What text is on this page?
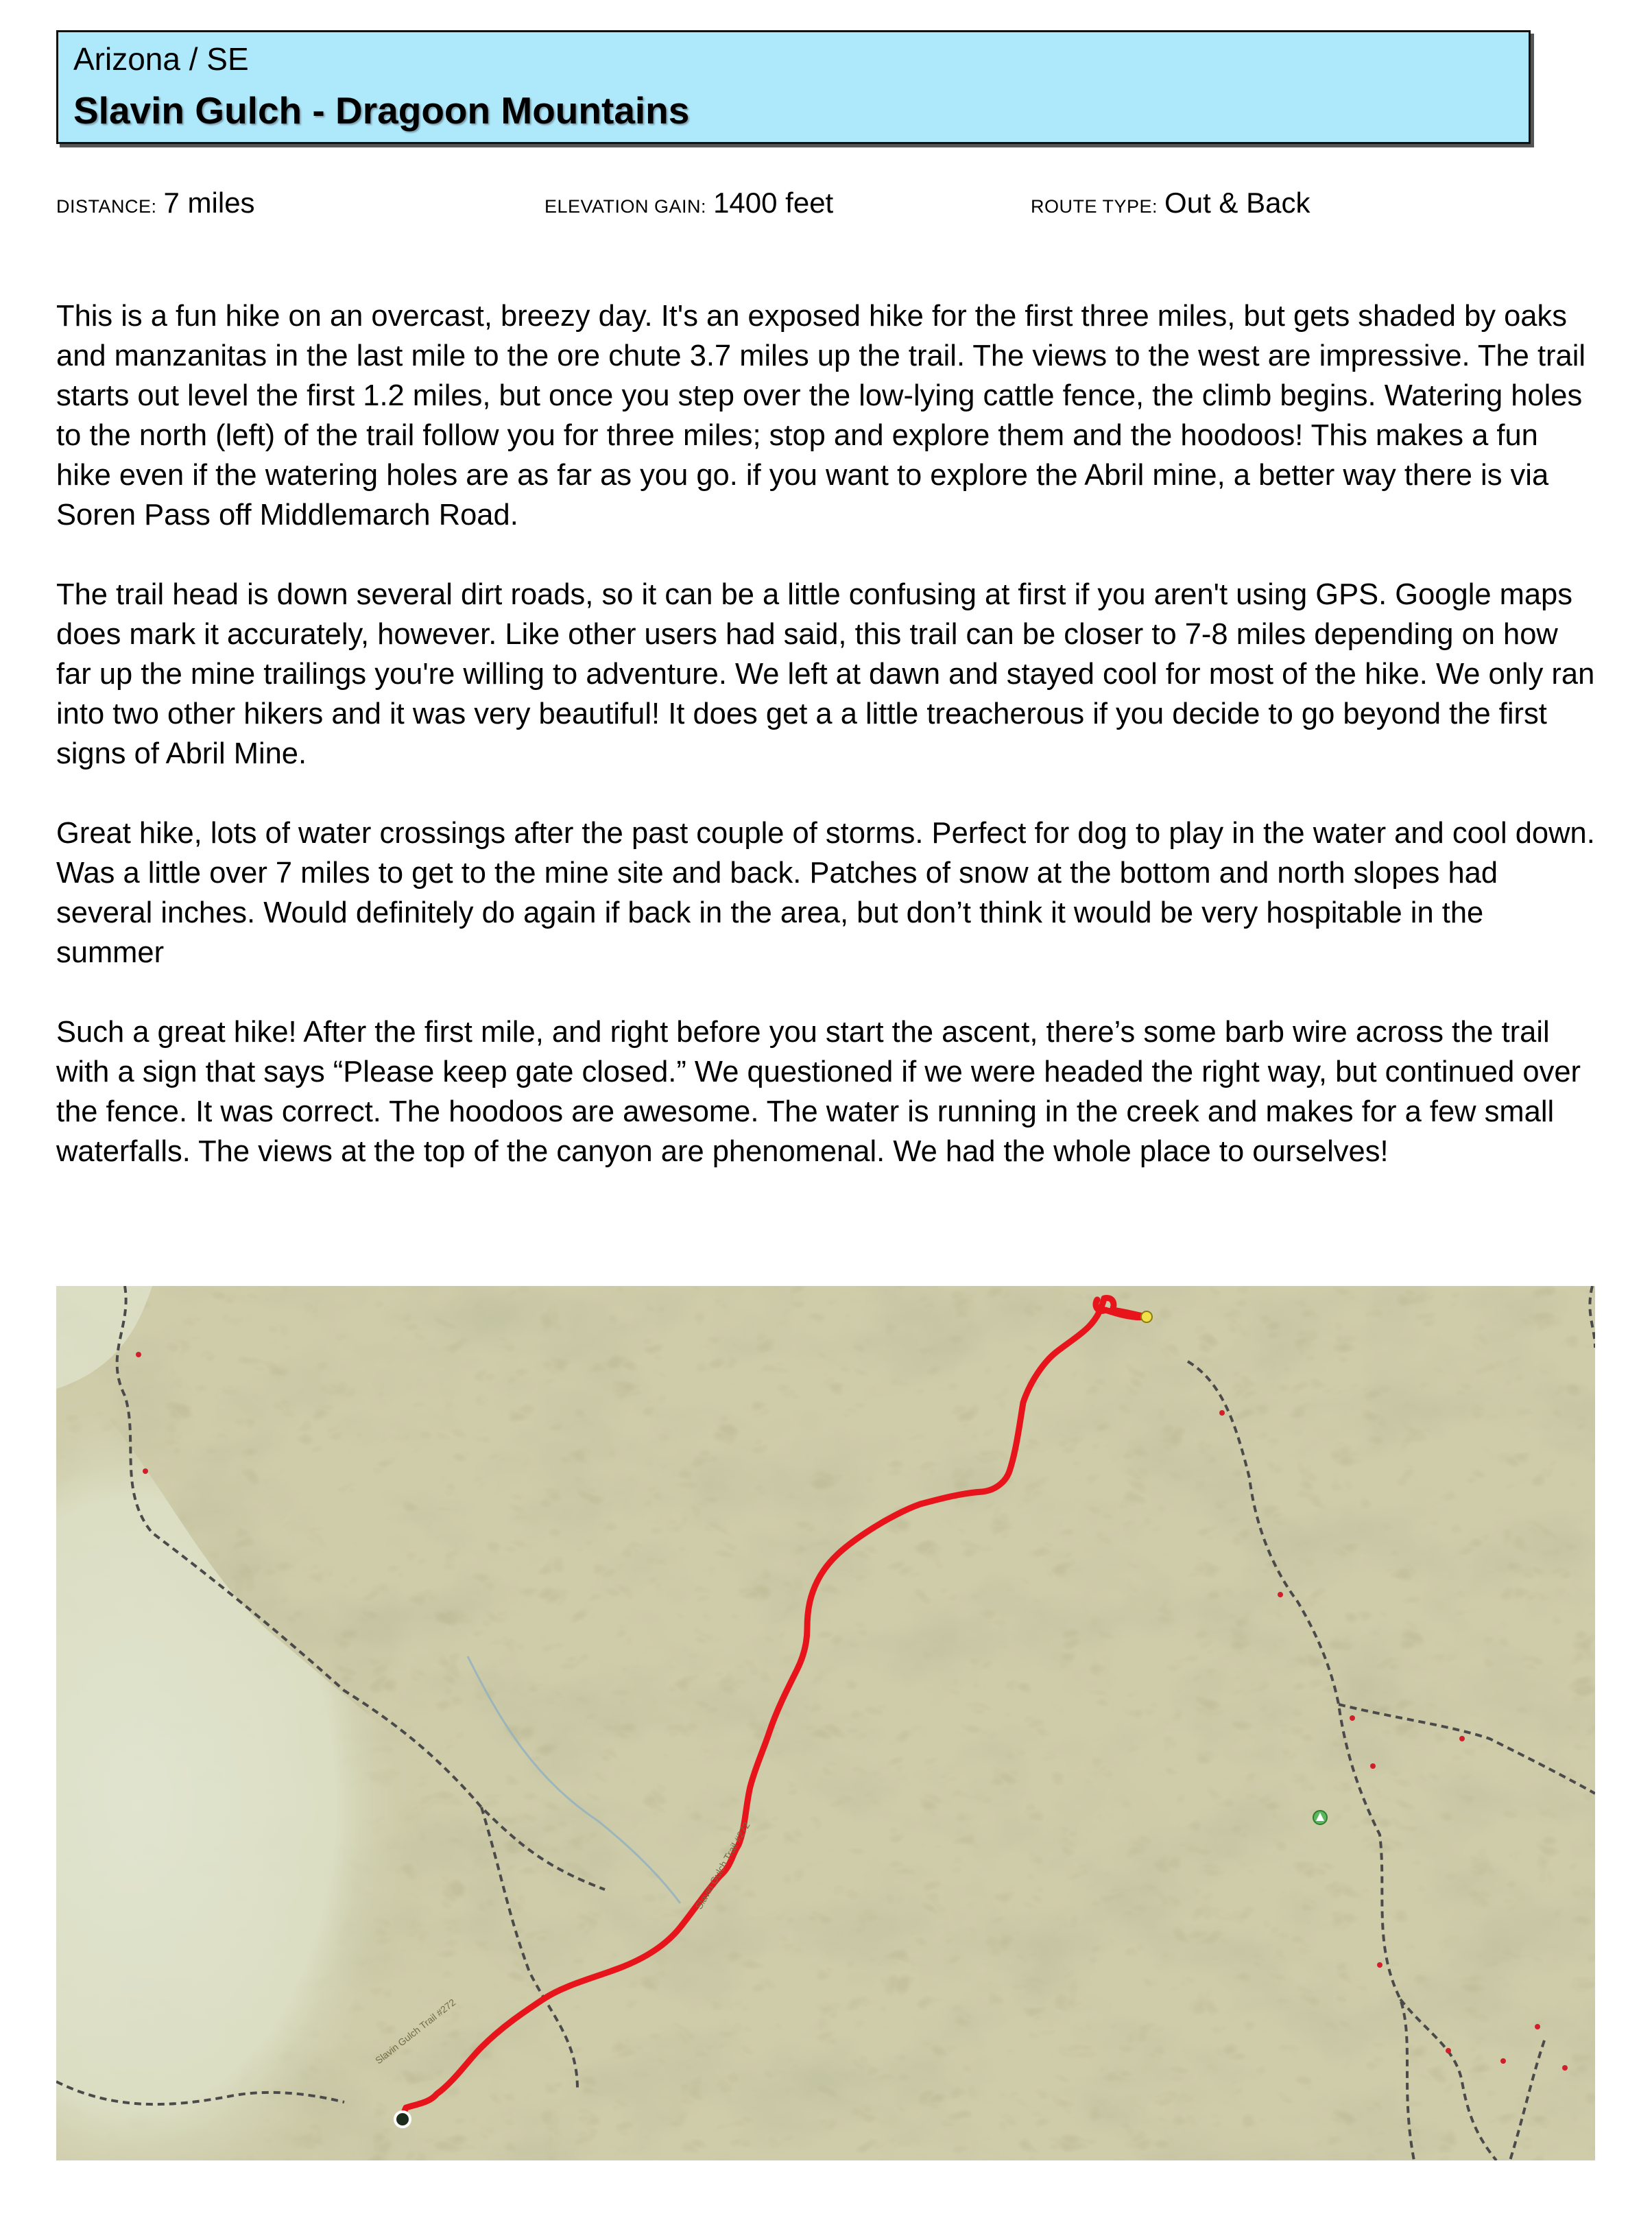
Arizona / SE
Slavin Gulch - Dragoon Mountains
DISTANCE: 7 miles	ELEVATION GAIN: 1400 feet	ROUTE TYPE: Out & Back

This is a fun hike on an overcast, breezy day. It's an exposed hike for the first three miles, but gets shaded by oaks and manzanitas in the last mile to the ore chute 3.7 miles up the trail. The views to the west are impressive. The trail starts out level the first 1.2 miles, but once you step over the low-lying cattle fence, the climb begins. Watering holes to the north (left) of the trail follow you for three miles; stop and explore them and the hoodoos! This makes a fun hike even if the watering holes are as far as you go. if you want to explore the Abril mine, a better way there is via Soren Pass off Middlemarch Road.

The trail head is down several dirt roads, so it can be a little confusing at first if you aren't using GPS. Google maps does mark it accurately, however. Like other users had said, this trail can be closer to 7-8 miles depending on how far up the mine trailings you're willing to adventure. We left at dawn and stayed cool for most of the hike. We only ran into two other hikers and it was very beautiful! It does get a a little treacherous if you decide to go beyond the first signs of Abril Mine.

Great hike, lots of water crossings after the past couple of storms. Perfect for dog to play in the water and cool down. Was a little over 7 miles to get to the mine site and back. Patches of snow at the bottom and north slopes had several inches. Would definitely do again if back in the area, but don’t think it would be very hospitable in the summer

Such a great hike! After the first mile, and right before you start the ascent, there’s some barb wire across the trail with a sign that says “Please keep gate closed.” We questioned if we were headed the right way, but continued over the fence. It was correct. The hoodoos are awesome. The water is running in the creek and makes for a few small waterfalls. The views at the top of the canyon are phenomenal. We had the whole place to ourselves!

Slavin Gulch Trail #272
Slavin Gulch Trail #272
